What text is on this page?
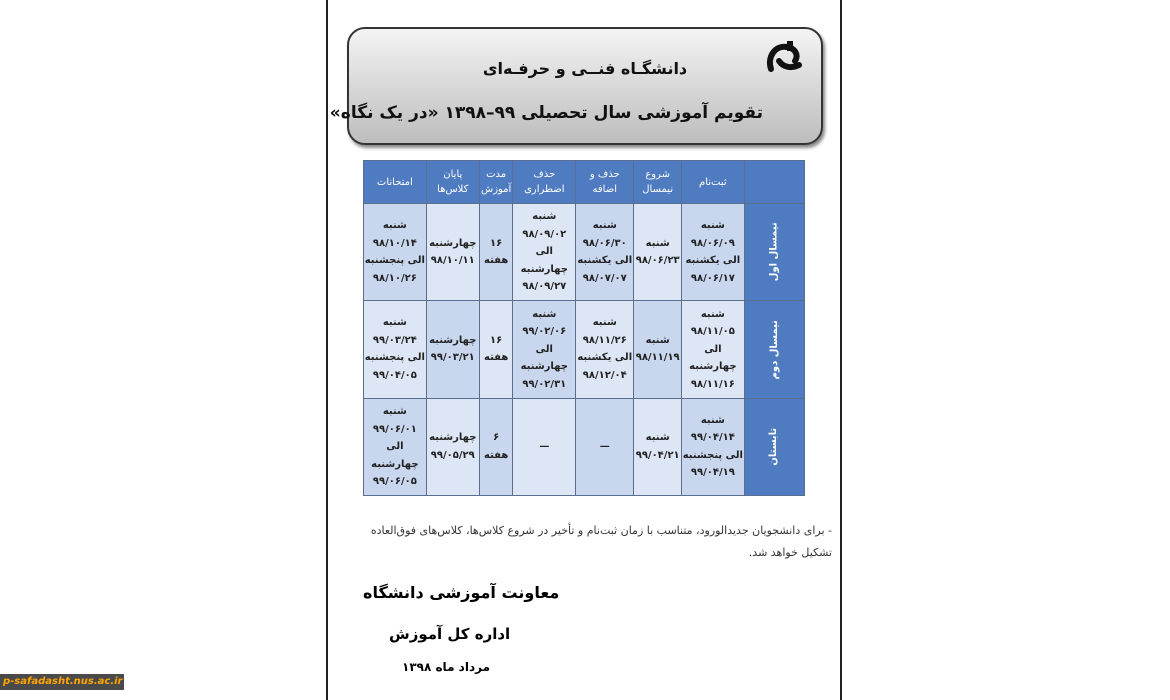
دانشگـاه فنــی و حرفـه‌ای
تقویم آموزشی سال تحصیلی ۹۹–۱۳۹۸ «در یک نگاه»
	ثبت‌نام	شروع نیمسال	حذف و اضافه	حذف اضطراری	مدت آموزش	پایان کلاس‌ها	امتحانات
نیمسال اول	شنبه ۹۸/۰۶/۰۹ الی یکشنبه ۹۸/۰۶/۱۷	شنبه ۹۸/۰۶/۲۳	شنبه ۹۸/۰۶/۳۰ الی یکشنبه ۹۸/۰۷/۰۷	شنبه ۹۸/۰۹/۰۲ الی چهارشنبه ۹۸/۰۹/۲۷	۱۶ هفته	چهارشنبه ۹۸/۱۰/۱۱	شنبه ۹۸/۱۰/۱۴ الی پنجشنبه ۹۸/۱۰/۲۶
نیمسال دوم	شنبه ۹۸/۱۱/۰۵ الی چهارشنبه ۹۸/۱۱/۱۶	شنبه ۹۸/۱۱/۱۹	شنبه ۹۸/۱۱/۲۶ الی یکشنبه ۹۸/۱۲/۰۴	شنبه ۹۹/۰۲/۰۶ الی چهارشنبه ۹۹/۰۲/۳۱	۱۶ هفته	چهارشنبه ۹۹/۰۳/۲۱	شنبه ۹۹/۰۳/۲۴ الی پنجشنبه ۹۹/۰۴/۰۵
تابستان	شنبه ۹۹/۰۴/۱۴ الی پنجشنبه ۹۹/۰۴/۱۹	شنبه ۹۹/۰۴/۲۱	—	—	۶ هفته	چهارشنبه ۹۹/۰۵/۲۹	شنبه ۹۹/۰۶/۰۱ الی چهارشنبه ۹۹/۰۶/۰۵
- برای دانشجویان جدیدالورود، متناسب با زمان ثبت‌نام و تأخیر در شروع کلاس‌ها، کلاس‌های فوق‌العاده تشکیل خواهد شد.
معاونت آموزشی دانشگاه
اداره کل آموزش
مرداد ماه ۱۳۹۸
p-safadasht.nus.ac.ir
